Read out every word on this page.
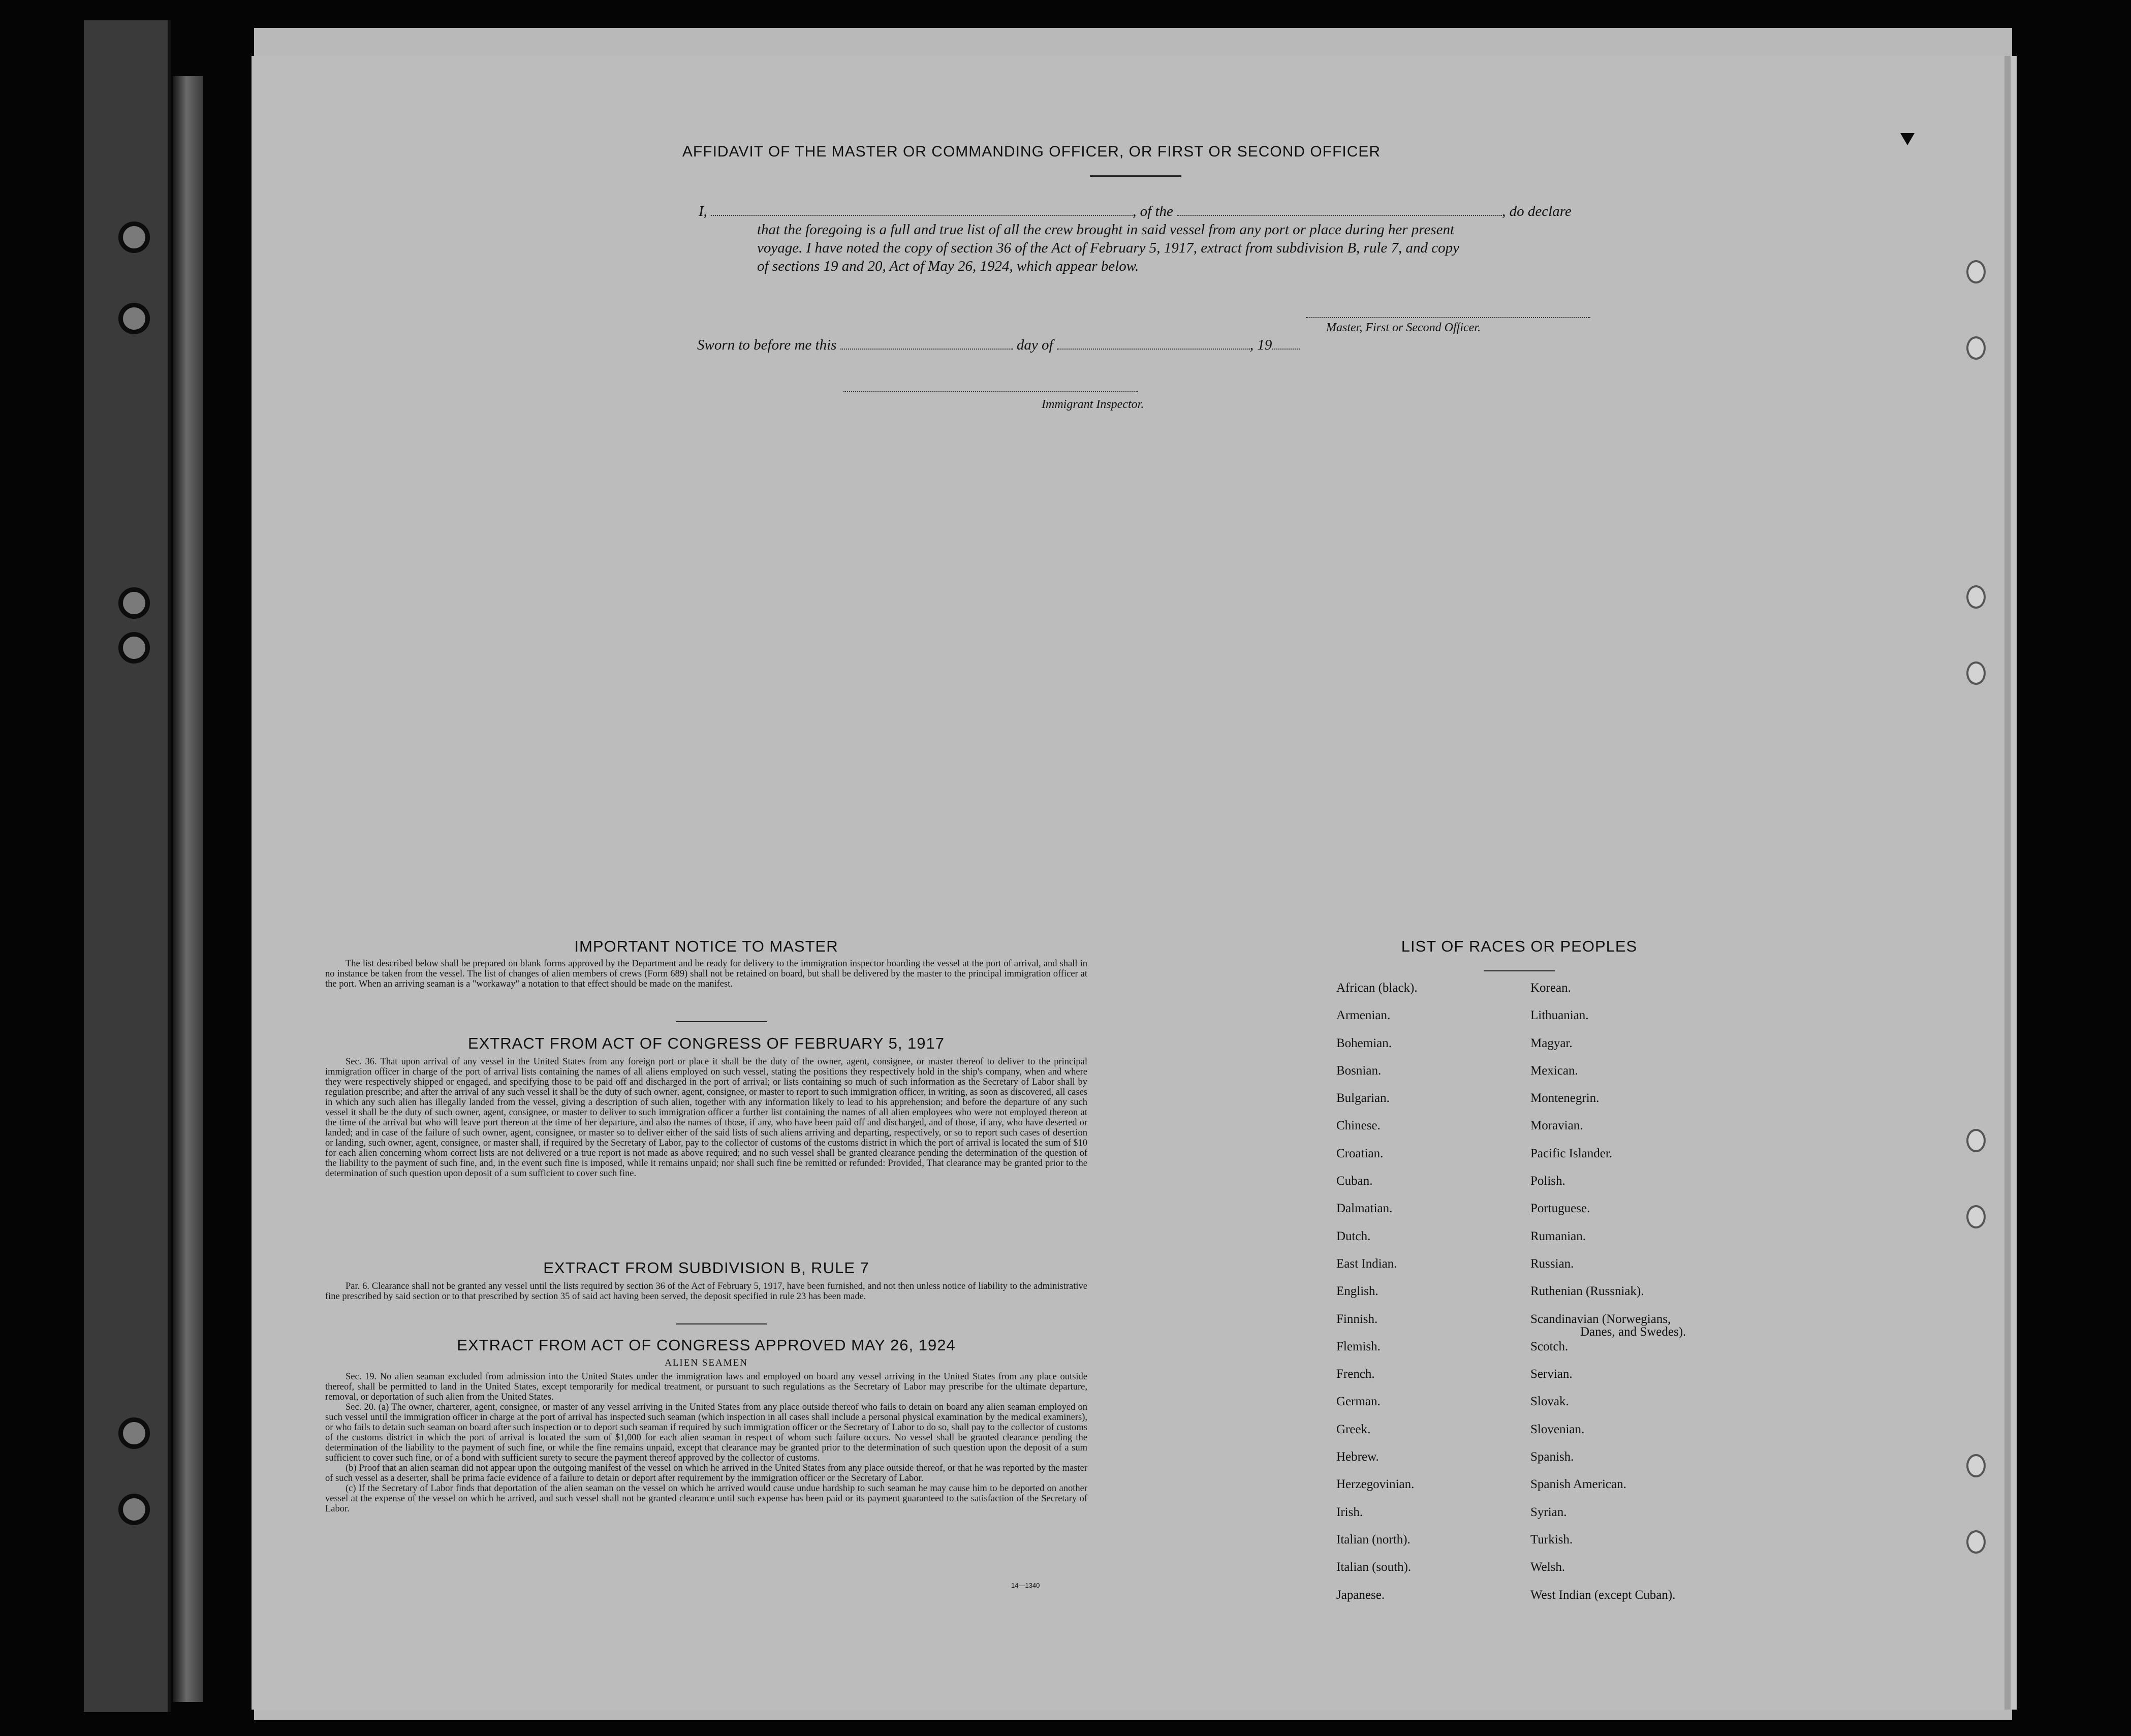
AFFIDAVIT OF THE MASTER OR COMMANDING OFFICER, OR FIRST OR SECOND OFFICER
I,	, of the	, do declare
that the foregoing is a full and true list of all the crew brought in said vessel from any port or place during her present
voyage. I have noted the copy of section 36 of the Act of February 5, 1917, extract from subdivision B, rule 7, and copy
of sections 19 and 20, Act of May 26, 1924, which appear below.
Master, First or Second Officer.
Sworn to before me this	day of	, 19
Immigrant Inspector.
IMPORTANT NOTICE TO MASTER

The list described below shall be prepared on blank forms approved by the Department and be ready for delivery to the immigration inspector boarding the vessel at the port of arrival, and shall in no instance be taken from the vessel. The list of changes of alien members of crews (Form 689) shall not be retained on board, but shall be delivered by the master to the principal immigration officer at the port. When an arriving seaman is a "workaway" a notation to that effect should be made on the manifest.

EXTRACT FROM ACT OF CONGRESS OF FEBRUARY 5, 1917

Sec. 36. That upon arrival of any vessel in the United States from any foreign port or place it shall be the duty of the owner, agent, consignee, or master thereof to deliver to the principal immigration officer in charge of the port of arrival lists containing the names of all aliens employed on such vessel, stating the positions they respectively hold in the ship's company, when and where they were respectively shipped or engaged, and specifying those to be paid off and discharged in the port of arrival; or lists containing so much of such information as the Secretary of Labor shall by regulation prescribe; and after the arrival of any such vessel it shall be the duty of such owner, agent, consignee, or master to report to such immigration officer, in writing, as soon as discovered, all cases in which any such alien has illegally landed from the vessel, giving a description of such alien, together with any information likely to lead to his apprehension; and before the departure of any such vessel it shall be the duty of such owner, agent, consignee, or master to deliver to such immigration officer a further list containing the names of all alien employees who were not employed thereon at the time of the arrival but who will leave port thereon at the time of her departure, and also the names of those, if any, who have been paid off and discharged, and of those, if any, who have deserted or landed; and in case of the failure of such owner, agent, consignee, or master so to deliver either of the said lists of such aliens arriving and departing, respectively, or so to report such cases of desertion or landing, such owner, agent, consignee, or master shall, if required by the Secretary of Labor, pay to the collector of customs of the customs district in which the port of arrival is located the sum of $10 for each alien concerning whom correct lists are not delivered or a true report is not made as above required; and no such vessel shall be granted clearance pending the determination of the question of the liability to the payment of such fine, and, in the event such fine is imposed, while it remains unpaid; nor shall such fine be remitted or refunded: Provided, That clearance may be granted prior to the determination of such question upon deposit of a sum sufficient to cover such fine.

EXTRACT FROM SUBDIVISION B, RULE 7

Par. 6. Clearance shall not be granted any vessel until the lists required by section 36 of the Act of February 5, 1917, have been furnished, and not then unless notice of liability to the administrative fine prescribed by said section or to that prescribed by section 35 of said act having been served, the deposit specified in rule 23 has been made.

EXTRACT FROM ACT OF CONGRESS APPROVED MAY 26, 1924
ALIEN SEAMEN

Sec. 19. No alien seaman excluded from admission into the United States under the immigration laws and employed on board any vessel arriving in the United States from any place outside thereof, shall be permitted to land in the United States, except temporarily for medical treatment, or pursuant to such regulations as the Secretary of Labor may prescribe for the ultimate departure, removal, or deportation of such alien from the United States.

Sec. 20. (a) The owner, charterer, agent, consignee, or master of any vessel arriving in the United States from any place outside thereof who fails to detain on board any alien seaman employed on such vessel until the immigration officer in charge at the port of arrival has inspected such seaman (which inspection in all cases shall include a personal physical examination by the medical examiners), or who fails to detain such seaman on board after such inspection or to deport such seaman if required by such immigration officer or the Secretary of Labor to do so, shall pay to the collector of customs of the customs district in which the port of arrival is located the sum of $1,000 for each alien seaman in respect of whom such failure occurs. No vessel shall be granted clearance pending the determination of the liability to the payment of such fine, or while the fine remains unpaid, except that clearance may be granted prior to the determination of such question upon the deposit of a sum sufficient to cover such fine, or of a bond with sufficient surety to secure the payment thereof approved by the collector of customs.

(b) Proof that an alien seaman did not appear upon the outgoing manifest of the vessel on which he arrived in the United States from any place outside thereof, or that he was reported by the master of such vessel as a deserter, shall be prima facie evidence of a failure to detain or deport after requirement by the immigration officer or the Secretary of Labor.

(c) If the Secretary of Labor finds that deportation of the alien seaman on the vessel on which he arrived would cause undue hardship to such seaman he may cause him to be deported on another vessel at the expense of the vessel on which he arrived, and such vessel shall not be granted clearance until such expense has been paid or its payment guaranteed to the satisfaction of the Secretary of Labor.

14—1340
LIST OF RACES OR PEOPLES
African (black).
Armenian.
Bohemian.
Bosnian.
Bulgarian.
Chinese.
Croatian.
Cuban.
Dalmatian.
Dutch.
East Indian.
English.
Finnish.
Flemish.
French.
German.
Greek.
Hebrew.
Herzegovinian.
Irish.
Italian (north).
Italian (south).
Japanese.
Korean.
Lithuanian.
Magyar.
Mexican.
Montenegrin.
Moravian.
Pacific Islander.
Polish.
Portuguese.
Rumanian.
Russian.
Ruthenian (Russniak).
Scandinavian (Norwegians,
Scotch.
Servian.
Slovak.
Slovenian.
Spanish.
Spanish American.
Syrian.
Turkish.
Welsh.
West Indian (except Cuban).
Danes, and Swedes).
